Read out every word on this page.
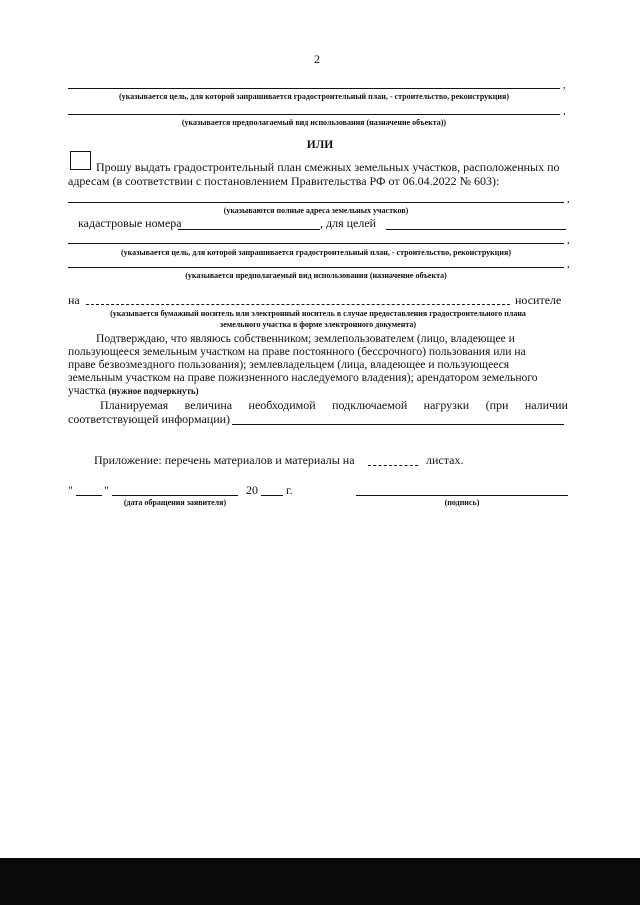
2
,
(указывается цель, для которой запрашивается градостроительный план, - строительство, реконструкция)
,
(указывается предполагаемый вид использования (назначение объекта))
ИЛИ
Прошу выдать градостроительный план смежных земельных участков, расположенных по
адресам (в соответствии с постановлением Правительства РФ от 06.04.2022 № 603):
,
(указываются полные адреса земельных участков)
кадастровые номера	, для целей
,
(указывается цель, для которой запрашивается градостроительный план, - строительство, реконструкция)
,
(указывается предполагаемый вид использования (назначение объекта)
на	носителе
(указывается бумажный носитель или электронный носитель в случае предоставления градостроительного плана
земельного участка в форме электронного документа)
Подтверждаю, что являюсь собственником; землепользователем (лицо, владеющее и
пользующееся земельным участком на праве постоянного (бессрочного) пользования или на
праве безвозмездного пользования); землевладельцем (лица, владеющее и пользующееся
земельным участком на праве пожизненного наследуемого владения); арендатором земельного
участка (нужное подчеркнуть)
Планируемая величина необходимой подключаемой нагрузки (при наличии
соответствующей информации)
Приложение: перечень материалов и материалы на	листах.
"	"	20 г.
(дата обращения заявителя)	(подпись)
